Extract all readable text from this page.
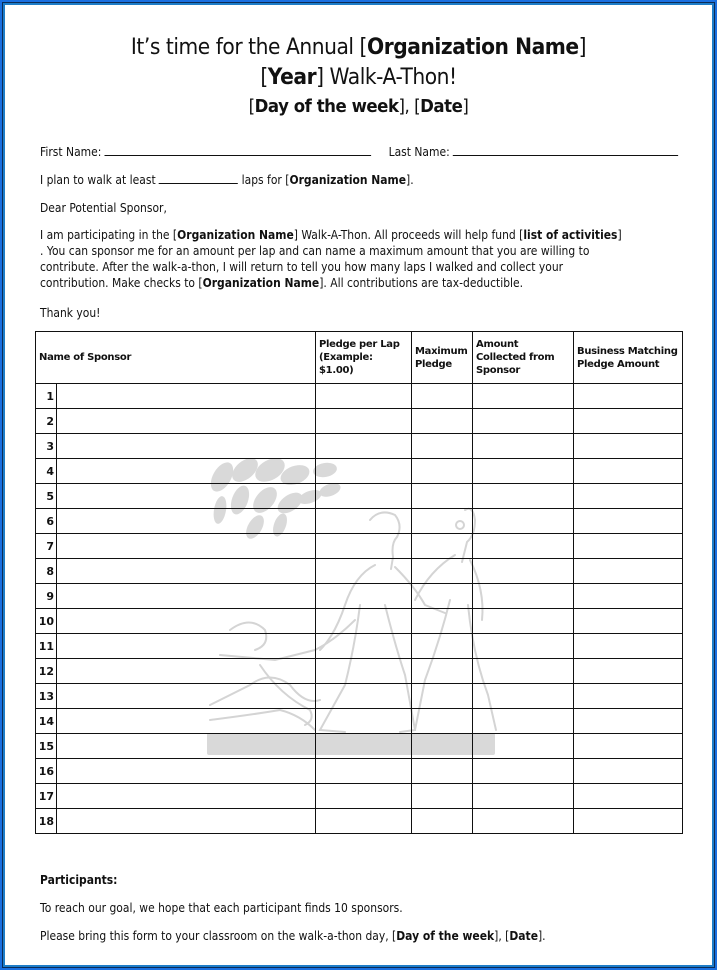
It’s time for the Annual [Organization Name]
[Year] Walk-A-Thon!
[Day of the week], [Date]
First Name:	Last Name:
I plan to walk at least	laps for [Organization Name].
Dear Potential Sponsor,
I am participating in the [Organization Name] Walk-A-Thon. All proceeds will help fund [list of activities]
. You can sponsor me for an amount per lap and can name a maximum amount that you are willing to
contribute. After the walk-a-thon, I will return to tell you how many laps I walked and collect your
contribution. Make checks to [Organization Name]. All contributions are tax-deductible.
Thank you!
Name of Sponsor		Pledge per Lap (Example: $1.00)	Maximum Pledge	Amount Collected from Sponsor	Business Matching Pledge Amount
1					
2					
3					
4					
5					
6					
7					
8					
9					
10					
11					
12					
13					
14					
15					
16					
17					
18					
Participants:
To reach our goal, we hope that each participant finds 10 sponsors.
Please bring this form to your classroom on the walk-a-thon day, [Day of the week], [Date].
